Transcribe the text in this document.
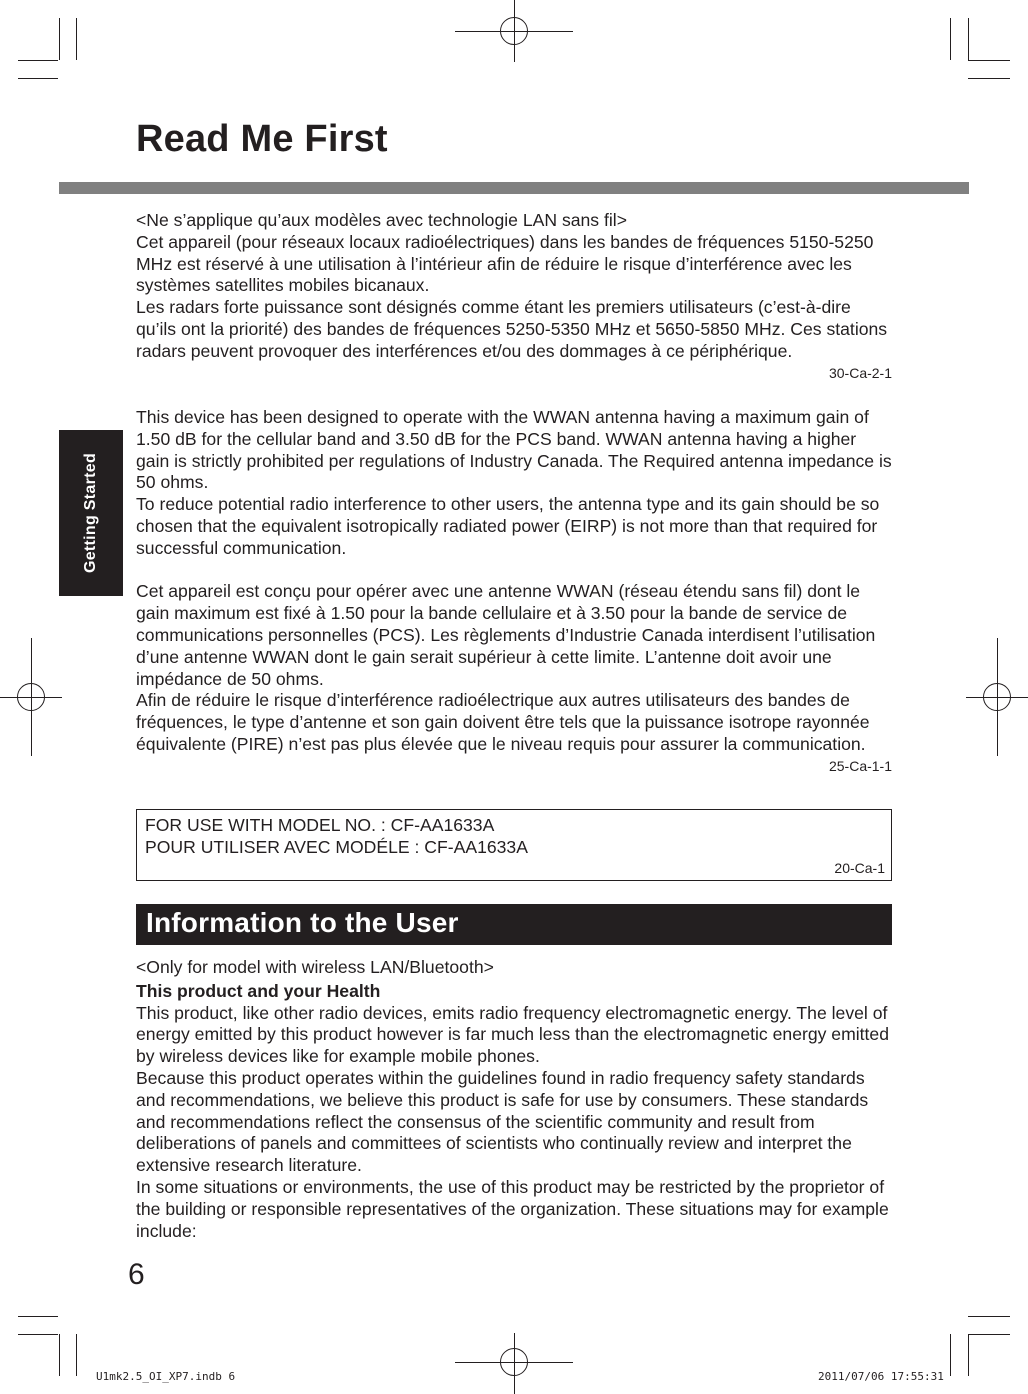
Read Me First
Getting Started

<Ne s’applique qu’aux modèles avec technologie LAN sans fil>

Cet appareil (pour réseaux locaux radioélectriques) dans les bandes de fréquences 5150-5250 MHz est réservé à une utilisation à l’intérieur afin de réduire le risque d’interférence avec les systèmes satellites mobiles bicanaux.

Les radars forte puissance sont désignés comme étant les premiers utilisateurs (c’est-à-dire qu’ils ont la priorité) des bandes de fréquences 5250-5350 MHz et 5650-5850 MHz. Ces stations radars peuvent provoquer des interférences et/ou des dommages à ce périphérique.

30-Ca-2-1

This device has been designed to operate with the WWAN antenna having a maximum gain of 1.50 dB for the cellular band and 3.50 dB for the PCS band. WWAN antenna having a higher gain is strictly prohibited per regulations of Industry Canada. The Required antenna impedance is 50 ohms.

To reduce potential radio interference to other users, the antenna type and its gain should be so chosen that the equivalent isotropically radiated power (EIRP) is not more than that required for successful communication.

Cet appareil est conçu pour opérer avec une antenne WWAN (réseau étendu sans fil) dont le gain maximum est fixé à 1.50 pour la bande cellulaire et à 3.50 pour la bande de service de communications personnelles (PCS). Les règlements d’Industrie Canada interdisent l’utilisation d’une antenne WWAN dont le gain serait supérieur à cette limite. L’antenne doit avoir une impédance de 50 ohms.

Afin de réduire le risque d’interférence radioélectrique aux autres utilisateurs des bandes de fréquences, le type d’antenne et son gain doivent être tels que la puissance isotrope rayonnée équivalente (PIRE) n’est pas plus élevée que le niveau requis pour assurer la communication.

25-Ca-1-1

FOR USE WITH MODEL NO. : CF-AA1633A

POUR UTILISER AVEC MODÉLE : CF-AA1633A

20-Ca-1
Information to the User

<Only for model with wireless LAN/Bluetooth>

This product and your Health

This product, like other radio devices, emits radio frequency electromagnetic energy. The level of energy emitted by this product however is far much less than the electromagnetic energy emitted by wireless devices like for example mobile phones.

Because this product operates within the guidelines found in radio frequency safety standards and recommendations, we believe this product is safe for use by consumers. These standards and recommendations reflect the consensus of the scientific community and result from deliberations of panels and committees of scientists who continually review and interpret the extensive research literature.

In some situations or environments, the use of this product may be restricted by the proprietor of the building or responsible representatives of the organization. These situations may for example include:

6
U1mk2.5_OI_XP7.indb 6	2011/07/06 17:55:31
